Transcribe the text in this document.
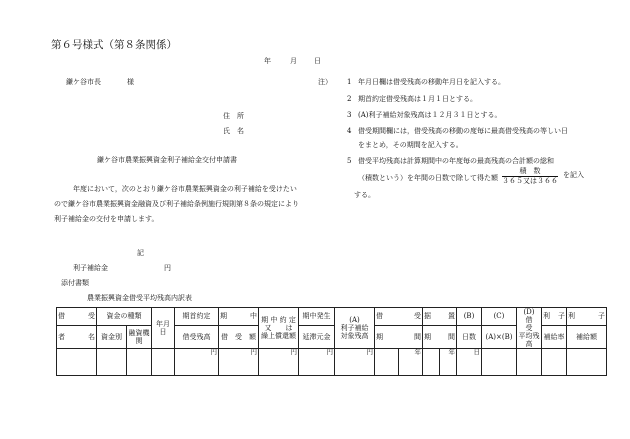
第６号様式（第８条関係）
年	月 日
鎌ケ谷市長	様
住　所
氏　名
鎌ケ谷市農業振興資金利子補給金交付申請書
年度において，次のとおり鎌ケ谷市農業振興資金の利子補給を受けたい
ので鎌ケ谷市農業振興資金融資及び利子補給条例施行規則第８条の規定により
利子補給金の交付を申請します。
記
利子補給金	円
添付書類
農業振興資金借受平均残高内訳表
注） 1 年月日欄は借受残高の移動年月日を記入する。
2 期首約定借受残高は１月１日とする。
3 (A)利子補給対象残高は１２月３１日とする。
4 借受期間欄には，借受残高の移動の度毎に最高借受残高の等しい日
をまとめ，その期間を記入する。
5 借受平均残高は計算期間中の年度毎の最高残高の合計額の総和
（積数という）を年間の日数で除して得た額
積　数
３６５又は３６６
を記入
する。
借 受	資金の種類		年月日	期首約定	期 中	期 中 約 定
又　　は
繰上償還額	期中発生	(A)
利子補給
対象残高	借 受		据 置		(B)	(C)	(D)
借　　受
平均残高	利 子	利 子

者 名	資金別	融資機関		借受残高	借　受　額		延滞元金		期 間		期 間		日数	(A)×(B)		補給率	補給額	
				円	円	円	円	円		年		年	日					
